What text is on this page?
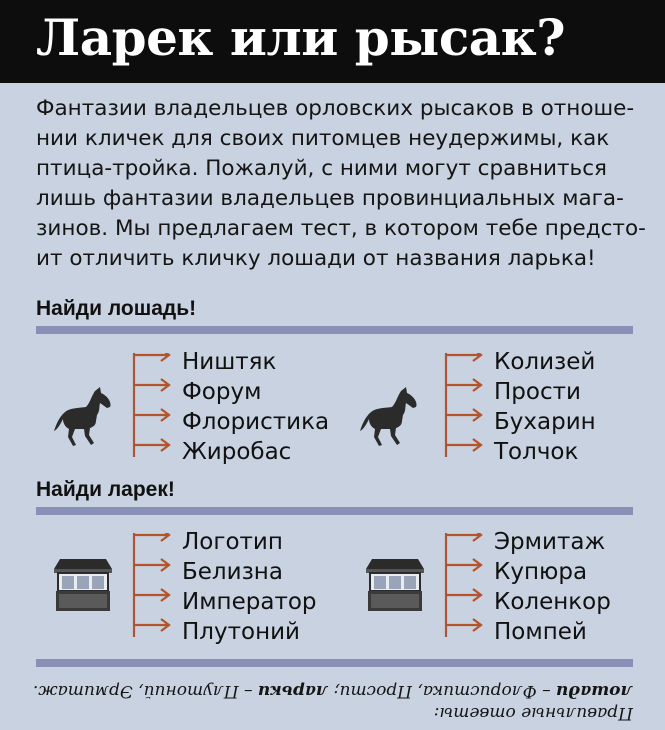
Ларек или рысак?
Фантазии владельцев орловских рысаков в отноше-
нии кличек для своих питомцев неудержимы, как
птица-тройка. Пожалуй, с ними могут сравниться
лишь фантазии владельцев провинциальных мага-
зинов. Мы предлагаем тест, в котором тебе предсто-
ит отличить кличку лошади от названия ларька!
Найди лошадь!
Ништяк
Форум
Флористика
Жиробас
Колизей
Прости
Бухарин
Толчок
Найди ларек!
Логотип
Белизна
Император
Плутоний
Эрмитаж
Купюра
Коленкор
Помпей
Правильные ответы:
лошади – Флористика, Прости; ларьки – Плутоний, Эрмитаж.
